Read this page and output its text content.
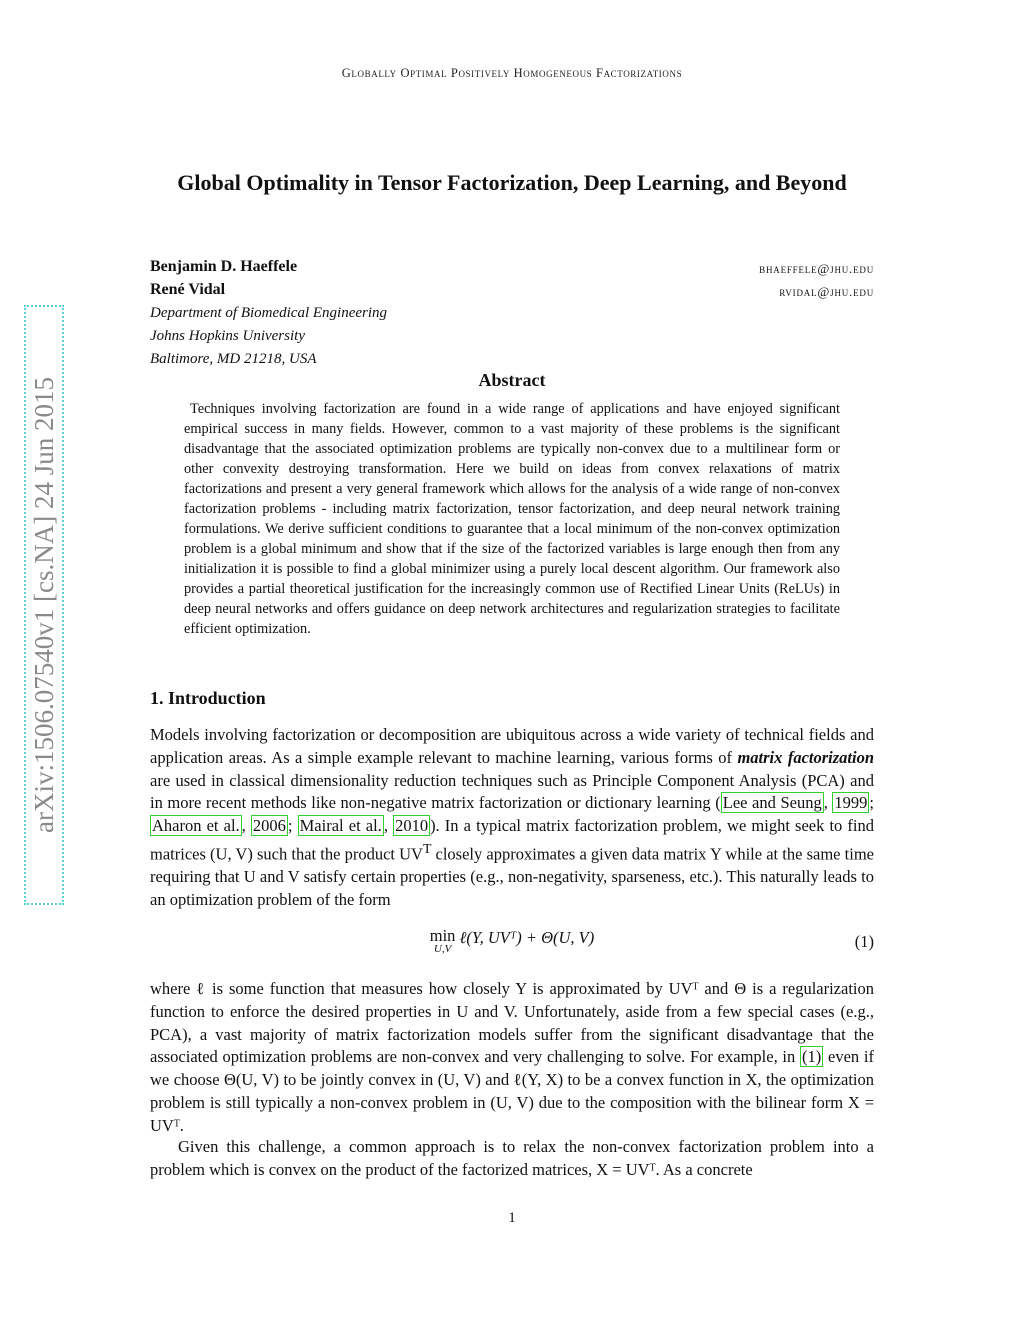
Globally Optimal Positively Homogeneous Factorizations
Global Optimality in Tensor Factorization, Deep Learning, and Beyond
Benjamin D. Haeffele	bhaeffele@jhu.edu
René Vidal	rvidal@jhu.edu
Department of Biomedical Engineering
Johns Hopkins University
Baltimore, MD 21218, USA
Abstract
Techniques involving factorization are found in a wide range of applications and have enjoyed significant empirical success in many fields. However, common to a vast majority of these problems is the significant disadvantage that the associated optimization problems are typically non-convex due to a multilinear form or other convexity destroying transformation. Here we build on ideas from convex relaxations of matrix factorizations and present a very general framework which allows for the analysis of a wide range of non-convex factorization problems - including matrix factorization, tensor factorization, and deep neural network training formulations. We derive sufficient conditions to guarantee that a local minimum of the non-convex optimization problem is a global minimum and show that if the size of the factorized variables is large enough then from any initialization it is possible to find a global minimizer using a purely local descent algorithm. Our framework also provides a partial theoretical justification for the increasingly common use of Rectified Linear Units (ReLUs) in deep neural networks and offers guidance on deep network architectures and regularization strategies to facilitate efficient optimization.
1. Introduction
Models involving factorization or decomposition are ubiquitous across a wide variety of technical fields and application areas. As a simple example relevant to machine learning, various forms of matrix factorization are used in classical dimensionality reduction techniques such as Principle Component Analysis (PCA) and in more recent methods like non-negative matrix factorization or dictionary learning ( Lee and Seung , 1999 ; Aharon et al. , 2006 ; Mairal et al. , 2010 ). In a typical matrix factorization problem, we might seek to find matrices (U, V) such that the product $UV^T$ closely approximates a given data matrix Y while at the same time requiring that U and V satisfy certain properties (e.g., non-negativity, sparseness, etc.). This naturally leads to an optimization problem of the form
min
U,V
ℓ(Y, UVᵀ) + Θ(U, V)	(1)
where ℓ is some function that measures how closely Y is approximated by UVᵀ and Θ is a regularization function to enforce the desired properties in U and V. Unfortunately, aside from a few special cases (e.g., PCA), a vast majority of matrix factorization models suffer from the significant disadvantage that the associated optimization problems are non-convex and very challenging to solve. For example, in (1) even if we choose Θ(U, V) to be jointly convex in (U, V) and ℓ(Y, X) to be a convex function in X, the optimization problem is still typically a non-convex problem in (U, V) due to the composition with the bilinear form X = UVᵀ.
Given this challenge, a common approach is to relax the non-convex factorization problem into a problem which is convex on the product of the factorized matrices, X = UVᵀ. As a concrete
1
arXiv:1506.07540v1 [cs.NA] 24 Jun 2015
